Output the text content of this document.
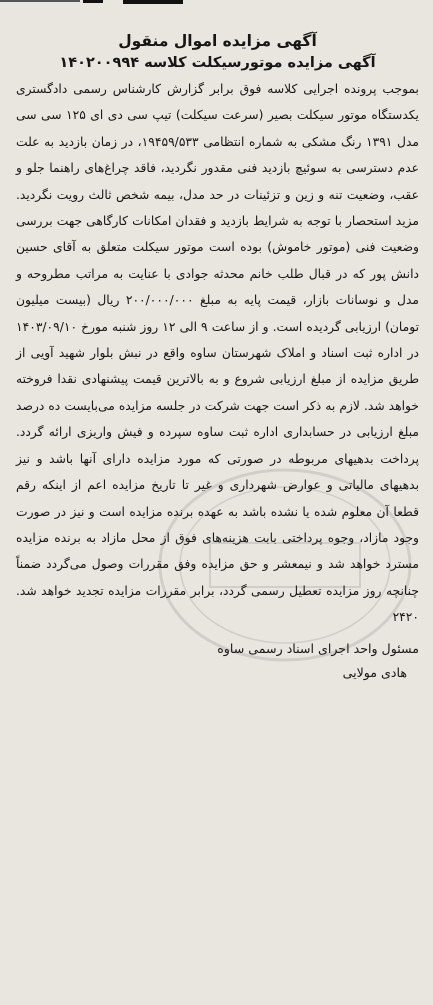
آگهی مزایده اموال منقول
آگهی مزایده موتورسیکلت کلاسه ۱۴۰۲۰۰۹۹۴

بموجب پرونده اجرایی کلاسه فوق برابر گزارش کارشناس رسمی دادگستری یکدستگاه موتور سیکلت بصیر (سرعت سیکلت) تیپ سی دی ای ۱۲۵ سی سی مدل ۱۳۹۱ رنگ مشکی به شماره انتظامی ۱۹۴۵۹/۵۳۳، در زمان بازدید به علت عدم دسترسی به سوئیچ بازدید فنی مقدور نگردید، فاقد چراغ‌های راهنما جلو و عقب، وضعیت تنه و زین و تزئینات در حد مدل، بیمه شخص ثالث رویت نگردید. مزید استحصار با توجه به شرایط بازدید و فقدان امکانات کارگاهی جهت بررسی وضعیت فنی (موتور خاموش) بوده است موتور سیکلت متعلق به آقای حسین دانش پور که در قبال طلب خانم محدثه جوادی با عنایت به مراتب مطروحه و مدل و نوسانات بازار، قیمت پایه به مبلغ ۲۰۰/۰۰۰/۰۰۰ ریال (بیست میلیون تومان) ارزیابی گردیده است. و از ساعت ۹ الی ۱۲ روز شنبه مورخ ۱۴۰۳/۰۹/۱۰ در اداره ثبت اسناد و املاک شهرستان ساوه واقع در نبش بلوار شهید آویی از طریق مزایده از مبلغ ارزیابی شروع و به بالاترین قیمت پیشنهادی نقدا فروخته خواهد شد. لازم به ذکر است جهت شرکت در جلسه مزایده می‌بایست ده درصد مبلغ ارزیابی در حسابداری اداره ثبت ساوه سپرده و فیش واریزی ارائه گردد. پرداخت بدهیهای مربوطه در صورتی که مورد مزایده دارای آنها باشد و نیز بدهیهای مالیاتی و عوارض شهرداری و غیر تا تاریخ مزایده اعم از اینکه رقم قطعا آن معلوم شده یا نشده باشد به عهده برنده مزایده است و نیز در صورت وجود مازاد، وجوه پرداختی بابت هزینه‌های فوق از محل مازاد به برنده مزایده مسترد خواهد شد و نیمعشر و حق مزایده وفق مقررات وصول می‌گردد ضمناً چنانچه روز مزایده تعطیل رسمی گردد، برابر مقررات مزایده تجدید خواهد شد. ۲۴۲۰

مسئول واحد اجرای اسناد رسمی ساوه
هادی مولایی
